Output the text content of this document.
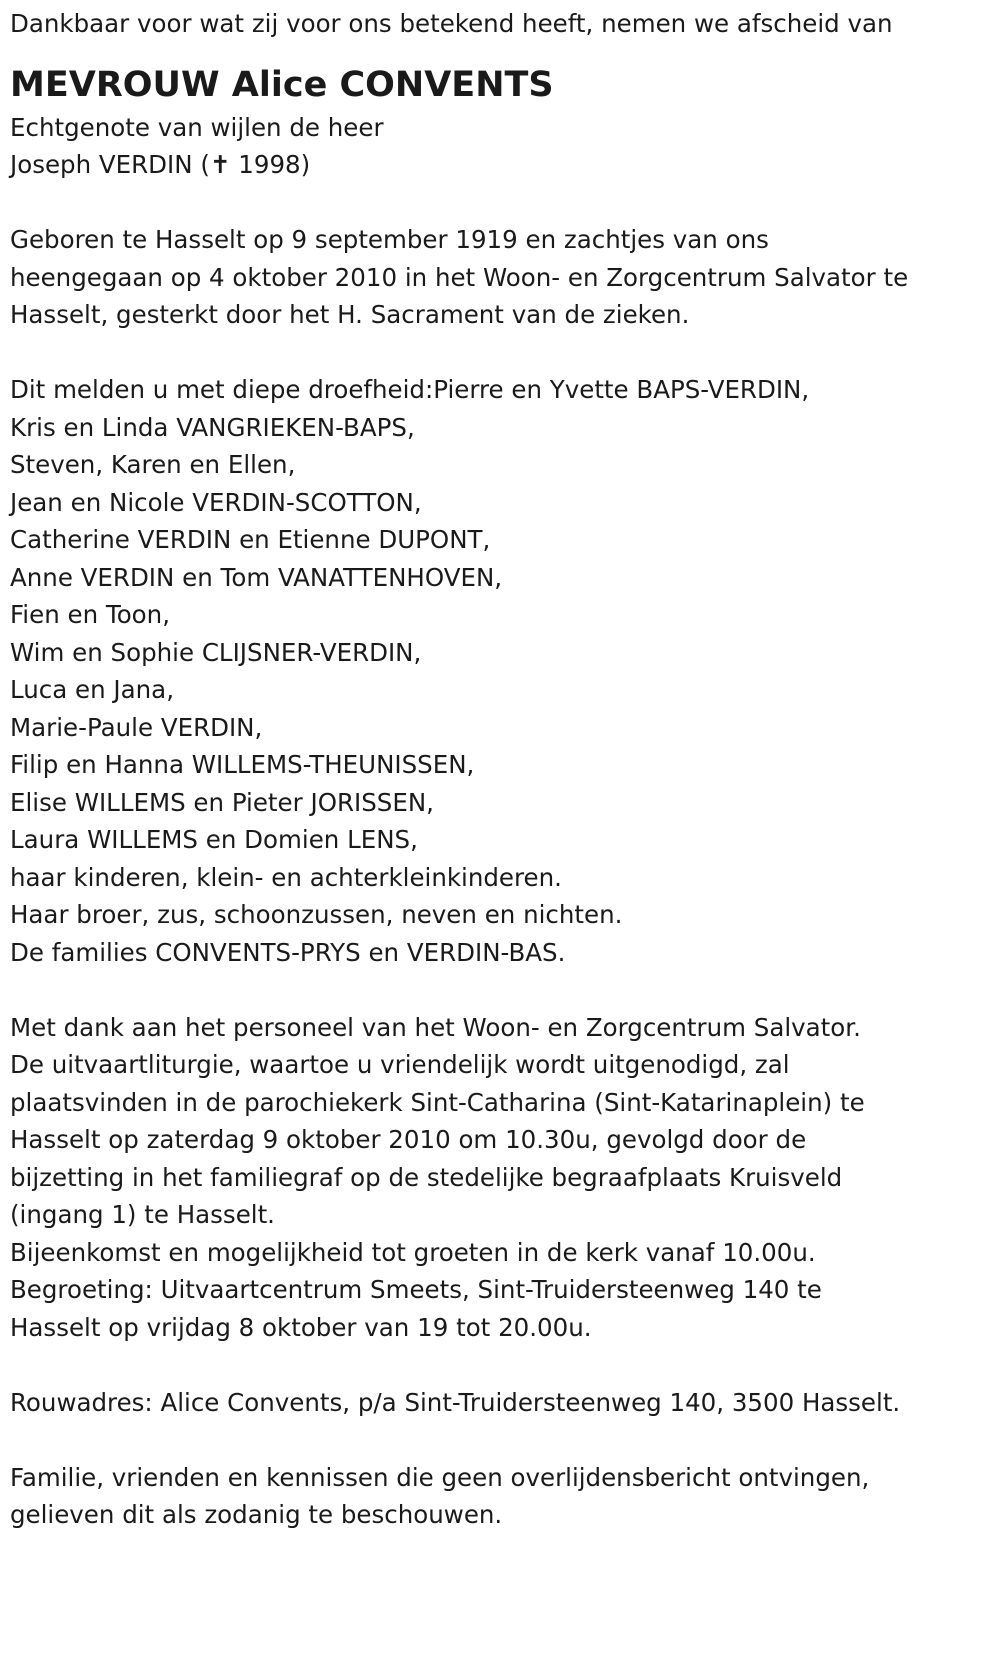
Dankbaar voor wat zij voor ons betekend heeft, nemen we afscheid van
MEVROUW Alice CONVENTS
Echtgenote van wijlen de heer
Joseph VERDIN (✝ 1998)
Geboren te Hasselt op 9 september 1919 en zachtjes van ons
heengegaan op 4 oktober 2010 in het Woon- en Zorgcentrum Salvator te
Hasselt, gesterkt door het H. Sacrament van de zieken.
Dit melden u met diepe droefheid:Pierre en Yvette BAPS-VERDIN,
Kris en Linda VANGRIEKEN-BAPS,
Steven, Karen en Ellen,
Jean en Nicole VERDIN-SCOTTON,
Catherine VERDIN en Etienne DUPONT,
Anne VERDIN en Tom VANATTENHOVEN,
Fien en Toon,
Wim en Sophie CLIJSNER-VERDIN,
Luca en Jana,
Marie-Paule VERDIN,
Filip en Hanna WILLEMS-THEUNISSEN,
Elise WILLEMS en Pieter JORISSEN,
Laura WILLEMS en Domien LENS,
haar kinderen, klein- en achterkleinkinderen.
Haar broer, zus, schoonzussen, neven en nichten.
De families CONVENTS-PRYS en VERDIN-BAS.
Met dank aan het personeel van het Woon- en Zorgcentrum Salvator.
De uitvaartliturgie, waartoe u vriendelijk wordt uitgenodigd, zal
plaatsvinden in de parochiekerk Sint-Catharina (Sint-Katarinaplein) te
Hasselt op zaterdag 9 oktober 2010 om 10.30u, gevolgd door de
bijzetting in het familiegraf op de stedelijke begraafplaats Kruisveld
(ingang 1) te Hasselt.
Bijeenkomst en mogelijkheid tot groeten in de kerk vanaf 10.00u.
Begroeting: Uitvaartcentrum Smeets, Sint-Truidersteenweg 140 te
Hasselt op vrijdag 8 oktober van 19 tot 20.00u.
Rouwadres: Alice Convents, p/a Sint-Truidersteenweg 140, 3500 Hasselt.
Familie, vrienden en kennissen die geen overlijdensbericht ontvingen,
gelieven dit als zodanig te beschouwen.
